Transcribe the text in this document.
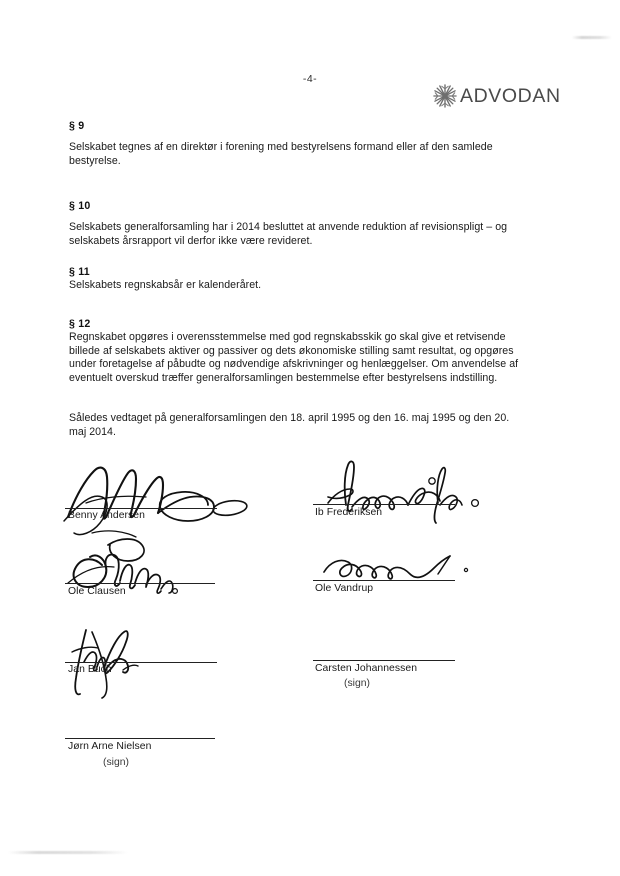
-4-
ADVODAN

§ 9

Selskabet tegnes af en direktør i forening med bestyrelsens formand eller af den samlede bestyrelse.

§ 10

Selskabets generalforsamling har i 2014 besluttet at anvende reduktion af revisionspligt – og selskabets årsrapport vil derfor ikke være revideret.

§ 11

Selskabets regnskabsår er kalenderåret.

§ 12

Regnskabet opgøres i overensstemmelse med god regnskabsskik go skal give et retvisende billede af selskabets aktiver og passiver og dets økonomiske stilling samt resultat, og opgøres under foretagelse af påbudte og nødvendige afskrivninger og henlæggelser. Om anvendelse af eventuelt overskud træffer generalforsamlingen bestemmelse efter bestyrelsens indstilling.

Således vedtaget på generalforsamlingen den 18. april 1995 og den 16. maj 1995 og den 20. maj 2014.

Benny Andersen	Ib Frederiksen
Ole Clausen	Ole Vandrup
Jan Buch	Carsten Johannessen
(sign)
Jørn Arne Nielsen
(sign)
